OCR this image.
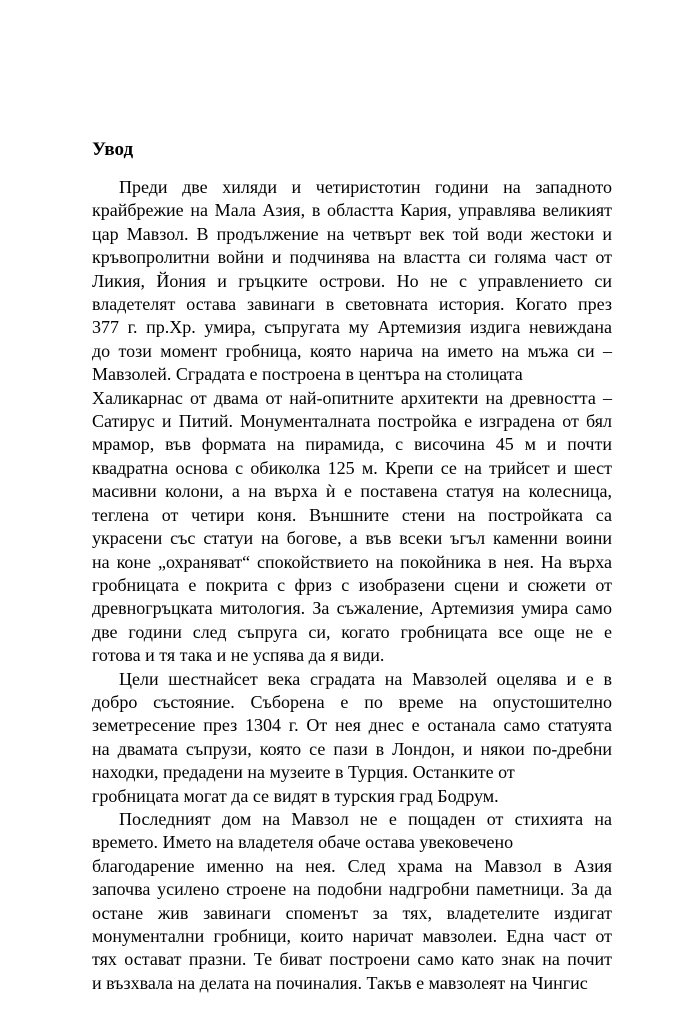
Увод

Преди две хиляди и четиристотин години на западното
крайбрежие на Мала Азия, в областта Кария, управлява великият
цар Мавзол. В продължение на четвърт век той води жестоки и
кръвопролитни войни и подчинява на властта си голяма част от
Ликия, Йония и гръцките острови. Но не с управлението си
владетелят остава завинаги в световната история. Когато през
377 г. пр.Хр. умира, съпругата му Артемизия издига невиждана
до този момент гробница, която нарича на името на мъжа си –
Мавзолей. Сградата е построена в центъра на столицата
Халикарнас от двама от най-опитните архитекти на древността –
Сатирус и Питий. Монументалната постройка е изградена от бял
мрамор, във формата на пирамида, с височина 45 м и почти
квадратна основа с обиколка 125 м. Крепи се на трийсет и шест
масивни колони, а на върха ѝ е поставена статуя на колесница,
теглена от четири коня. Външните стени на постройката са
украсени със статуи на богове, а във всеки ъгъл каменни воини
на коне „охраняват“ спокойствието на покойника в нея. На върха
гробницата е покрита с фриз с изобразени сцени и сюжети от
древногръцката митология. За съжаление, Артемизия умира само
две години след съпруга си, когато гробницата все още не е
готова и тя така и не успява да я види.

Цели шестнайсет века сградата на Мавзолей оцелява и е в
добро състояние. Съборена е по време на опустошително
земетресение през 1304 г. От нея днес е останала само статуята
на двамата съпрузи, която се пази в Лондон, и някои по-дребни
находки, предадени на музеите в Турция. Останките от
гробницата могат да се видят в турския град Бодрум.

Последният дом на Мавзол не е пощаден от стихията на
времето. Името на владетеля обаче остава увековечено
благодарение именно на нея. След храма на Мавзол в Азия
започва усилено строене на подобни надгробни паметници. За да
остане жив завинаги споменът за тях, владетелите издигат
монументални гробници, които наричат мавзолеи. Една част от
тях остават празни. Те биват построени само като знак на почит
и възхвала на делата на починалия. Такъв е мавзолеят на Чингис
